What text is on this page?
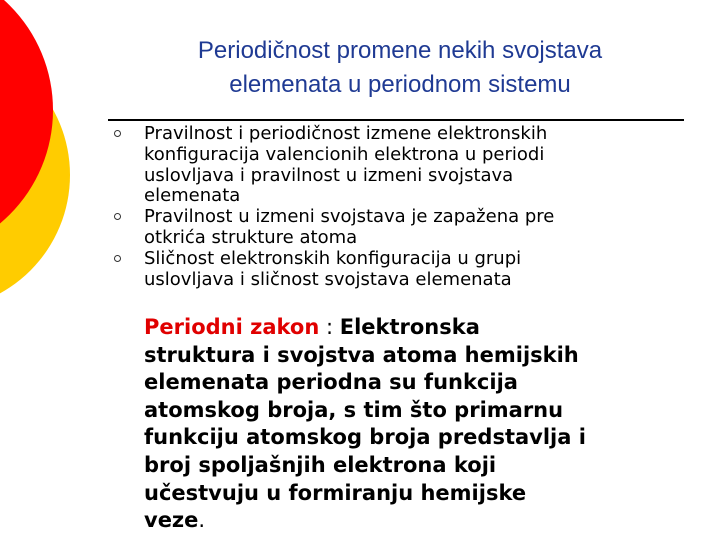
Periodičnost promene nekih svojstava
elemenata u periodnom sistemu
Pravilnost i periodičnost izmene elektronskih
konfiguracija valencionih elektrona u periodi
uslovljava i pravilnost u izmeni svojstava
elemenata
Pravilnost u izmeni svojstava je zapažena pre
otkrića strukture atoma
Sličnost elektronskih konfiguracija u grupi
uslovljava i sličnost svojstava elemenata
Periodni zakon : Elektronska
struktura i svojstva atoma hemijskih
elemenata periodna su funkcija
atomskog broja, s tim što primarnu
funkciju atomskog broja predstavlja i
broj spoljašnjih elektrona koji
učestvuju u formiranju hemijske
veze.
